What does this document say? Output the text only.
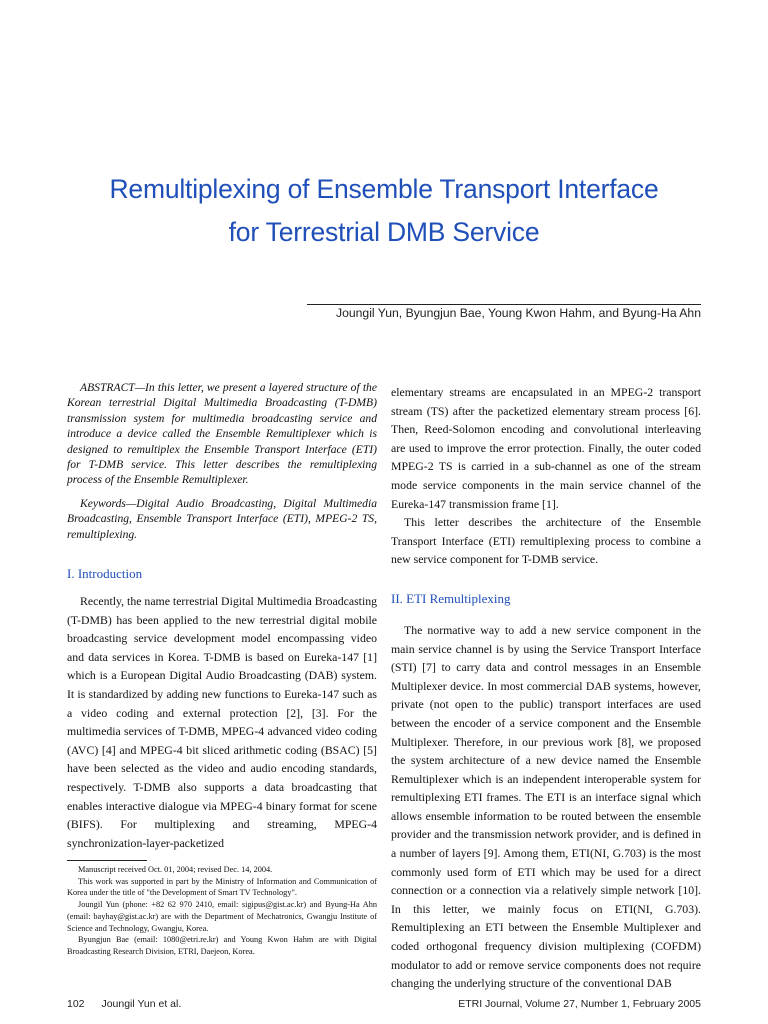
Remultiplexing of Ensemble Transport Interface
for Terrestrial DMB Service
Joungil Yun, Byungjun Bae, Young Kwon Hahm, and Byung-Ha Ahn

ABSTRACT—In this letter, we present a layered structure of the Korean terrestrial Digital Multimedia Broadcasting (T-DMB) transmission system for multimedia broadcasting service and introduce a device called the Ensemble Remultiplexer which is designed to remultiplex the Ensemble Transport Interface (ETI) for T-DMB service. This letter describes the remultiplexing process of the Ensemble Remultiplexer.

Keywords—Digital Audio Broadcasting, Digital Multimedia Broadcasting, Ensemble Transport Interface (ETI), MPEG-2 TS, remultiplexing.

I. Introduction

Recently, the name terrestrial Digital Multimedia Broadcasting (T-DMB) has been applied to the new terrestrial digital mobile broadcasting service development model encompassing video and data services in Korea. T-DMB is based on Eureka-147 [1] which is a European Digital Audio Broadcasting (DAB) system. It is standardized by adding new functions to Eureka-147 such as a video coding and external protection [2], [3]. For the multimedia services of T-DMB, MPEG-4 advanced video coding (AVC) [4] and MPEG-4 bit sliced arithmetic coding (BSAC) [5] have been selected as the video and audio encoding standards, respectively. T-DMB also supports a data broadcasting that enables interactive dialogue via MPEG-4 binary format for scene (BIFS). For multiplexing and streaming, MPEG-4 synchronization-layer-packetized

elementary streams are encapsulated in an MPEG-2 transport stream (TS) after the packetized elementary stream process [6]. Then, Reed-Solomon encoding and convolutional interleaving are used to improve the error protection. Finally, the outer coded MPEG-2 TS is carried in a sub-channel as one of the stream mode service components in the main service channel of the Eureka-147 transmission frame [1].

This letter describes the architecture of the Ensemble Transport Interface (ETI) remultiplexing process to combine a new service component for T-DMB service.

II. ETI Remultiplexing

The normative way to add a new service component in the main service channel is by using the Service Transport Interface (STI) [7] to carry data and control messages in an Ensemble Multiplexer device. In most commercial DAB systems, however, private (not open to the public) transport interfaces are used between the encoder of a service component and the Ensemble Multiplexer. Therefore, in our previous work [8], we proposed the system architecture of a new device named the Ensemble Remultiplexer which is an independent interoperable system for remultiplexing ETI frames. The ETI is an interface signal which allows ensemble information to be routed between the ensemble provider and the transmission network provider, and is defined in a number of layers [9]. Among them, ETI(NI, G.703) is the most commonly used form of ETI which may be used for a direct connection or a connection via a relatively simple network [10]. In this letter, we mainly focus on ETI(NI, G.703). Remultiplexing an ETI between the Ensemble Multiplexer and coded orthogonal frequency division multiplexing (COFDM) modulator to add or remove service components does not require changing the underlying structure of the conventional DAB

Manuscript received Oct. 01, 2004; revised Dec. 14, 2004.

This work was supported in part by the Ministry of Information and Communication of Korea under the title of "the Development of Smart TV Technology".

Joungil Yun (phone: +82 62 970 2410, email: sigipus@gist.ac.kr) and Byung-Ha Ahn (email: bayhay@gist.ac.kr) are with the Department of Mechatronics, Gwangju Institute of Science and Technology, Gwangju, Korea.

Byungjun Bae (email: 1080@etri.re.kr) and Young Kwon Hahm are with Digital Broadcasting Research Division, ETRI, Daejeon, Korea.

102 Joungil Yun et al.	ETRI Journal, Volume 27, Number 1, February 2005
